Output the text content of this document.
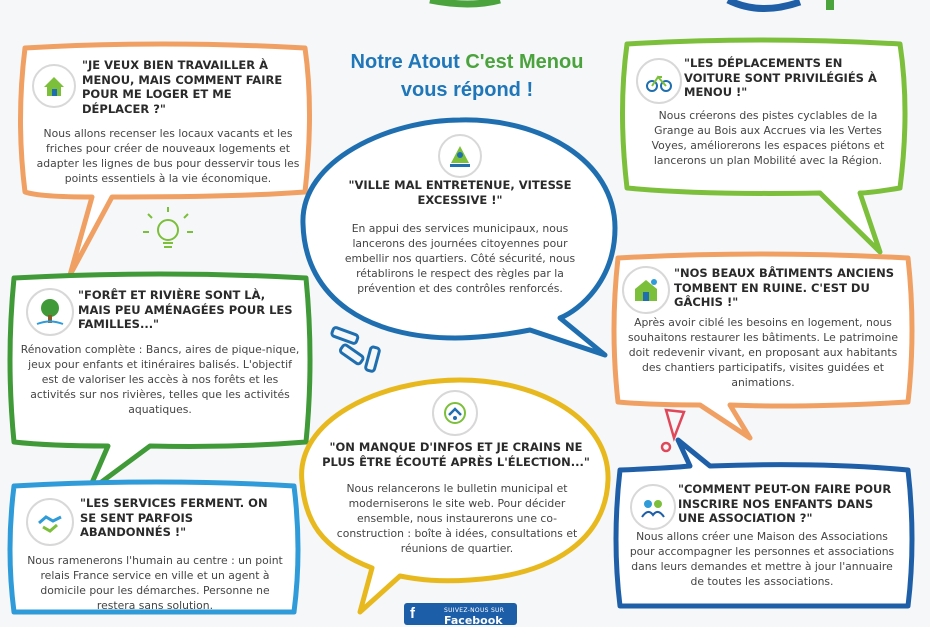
Notre Atout C'est Menou
vous répond !
"JE VEUX BIEN TRAVAILLER À MENOU, MAIS COMMENT FAIRE POUR ME LOGER ET ME DÉPLACER ?"
Nous allons recenser les locaux vacants et les friches pour créer de nouveaux logements et adapter les lignes de bus pour desservir tous les points essentiels à la vie économique.
"LES DÉPLACEMENTS EN VOITURE SONT PRIVILÉGIÉS À MENOU !"
Nous créerons des pistes cyclables de la Grange au Bois aux Accrues via les Vertes Voyes, améliorerons les espaces piétons et lancerons un plan Mobilité avec la Région.
"VILLE MAL ENTRETENUE, VITESSE EXCESSIVE !"
En appui des services municipaux, nous lancerons des journées citoyennes pour embellir nos quartiers. Côté sécurité, nous rétablirons le respect des règles par la prévention et des contrôles renforcés.
"FORÊT ET RIVIÈRE SONT LÀ, MAIS PEU AMÉNAGÉES POUR LES FAMILLES..."
Rénovation complète : Bancs, aires de pique-nique, jeux pour enfants et itinéraires balisés. L'objectif est de valoriser les accès à nos forêts et les activités sur nos rivières, telles que les activités aquatiques.
"NOS BEAUX BÂTIMENTS ANCIENS TOMBENT EN RUINE. C'EST DU GÂCHIS !"
Après avoir ciblé les besoins en logement, nous souhaitons restaurer les bâtiments. Le patrimoine doit redevenir vivant, en proposant aux habitants des chantiers participatifs, visites guidées et animations.
"ON MANQUE D'INFOS ET JE CRAINS NE PLUS ÊTRE ÉCOUTÉ APRÈS L'ÉLECTION..."
Nous relancerons le bulletin municipal et moderniserons le site web. Pour décider ensemble, nous instaurerons une co-construction : boîte à idées, consultations et réunions de quartier.
"LES SERVICES FERMENT. ON SE SENT PARFOIS ABANDONNÉS !"
Nous ramenerons l'humain au centre : un point relais France service en ville et un agent à domicile pour les démarches. Personne ne restera sans solution.
"COMMENT PEUT-ON FAIRE POUR INSCRIRE NOS ENFANTS DANS UNE ASSOCIATION ?"
Nous allons créer une Maison des Associations pour accompagner les personnes et associations dans leurs demandes et mettre à jour l'annuaire de toutes les associations.
f	SUIVEZ-NOUS SUR
Facebook
